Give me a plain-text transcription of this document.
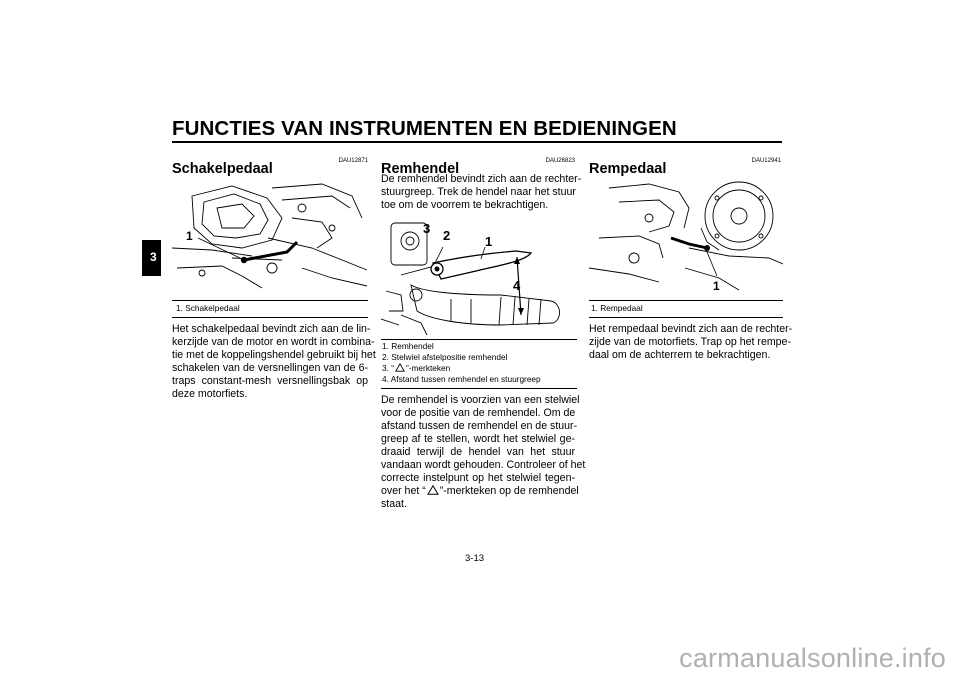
FUNCTIES VAN INSTRUMENTEN EN BEDIENINGEN
3
DAU12871
Schakelpedaal
1
1. Schakelpedaal
Het schakelpedaal bevindt zich aan de lin-
kerzijde van de motor en wordt in combina-
tie met de koppelingshendel gebruikt bij het
schakelen van de versnellingen van de 6-
traps constant-mesh versnellingsbak op
deze motorfiets.
DAU26823
Remhendel
De remhendel bevindt zich aan de rechter-
stuurgreep. Trek de hendel naar het stuur
toe om de voorrem te bekrachtigen.
3 2	1
4
1. Remhendel
2. Stelwiel afstelpositie remhendel
3. “ ”-merkteken
4. Afstand tussen remhendel en stuurgreep
De remhendel is voorzien van een stelwiel
voor de positie van de remhendel. Om de
afstand tussen de remhendel en de stuur-
greep af te stellen, wordt het stelwiel ge-
draaid terwijl de hendel van het stuur
vandaan wordt gehouden. Controleer of het
correcte instelpunt op het stelwiel tegen-
over het “ ”-merkteken op de remhendel
staat.
DAU12941
Rempedaal
1
1. Rempedaal
Het rempedaal bevindt zich aan de rechter-
zijde van de motorfiets. Trap op het rempe-
daal om de achterrem te bekrachtigen.
3-13
carmanualsonline.info
